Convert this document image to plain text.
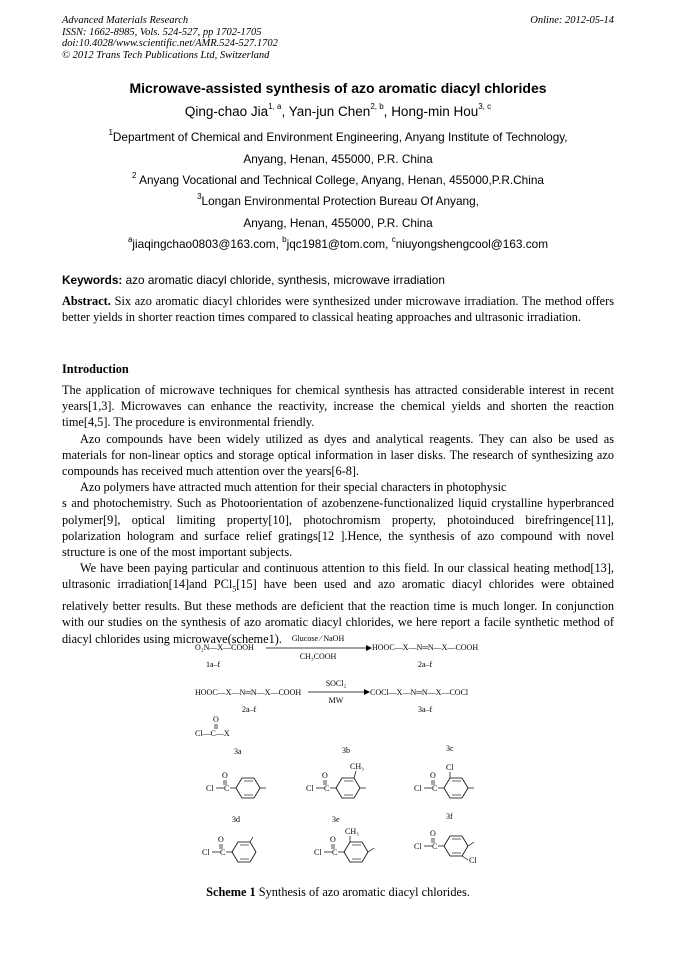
Advanced Materials Research
ISSN: 1662-8985, Vols. 524-527, pp 1702-1705
doi:10.4028/www.scientific.net/AMR.524-527.1702
© 2012 Trans Tech Publications Ltd, Switzerland
Online: 2012-05-14
Microwave-assisted synthesis of azo aromatic diacyl chlorides
Qing-chao Jia$^{1, a}$, Yan-jun Chen$^{2, b}$, Hong-min Hou$^{3, c}$
$^1$Department of Chemical and Environment Engineering, Anyang Institute of Technology,
Anyang, Henan, 455000, P.R. China
$^2$ Anyang Vocational and Technical College, Anyang, Henan, 455000,P.R.China
$^3$Longan Environmental Protection Bureau Of Anyang,
Anyang, Henan, 455000, P.R. China
$^a$jiaqingchao0803@163.com, $^b$jqc1981@tom.com, $^c$niuyongshengcool@163.com
Keywords: azo aromatic diacyl chloride, synthesis, microwave irradiation
Abstract. Six azo aromatic diacyl chlorides were synthesized under microwave irradiation. The method offers better yields in shorter reaction times compared to classical heating approaches and ultrasonic irradiation.
Introduction

The application of microwave techniques for chemical synthesis has attracted considerable interest in recent years[1,3]. Microwaves can enhance the reactivity, increase the chemical yields and shorten the reaction time[4,5]. The procedure is environmental friendly.

Azo compounds have been widely utilized as dyes and analytical reagents. They can also be used as materials for non-linear optics and storage optical information in laser disks. The research of synthesizing azo compounds has received much attention over the years[6-8].

Azo polymers have attracted much attention for their special characters in photophysic

s and photochemistry. Such as Photoorientation of azobenzene-functionalized liquid crystalline hyperbranced polymer[9], optical limiting property[10], photochromism property, photoinduced birefringence[11], polarization hologram and surface relief gratings[12 ].Hence, the synthesis of azo compound with novel structure is one of the most important subjects.

We have been paying particular and continuous attention to this field. In our classical heating method[13], ultrasonic irradiation[14]and PCl$_5$[15] have been used and azo aromatic diacyl chlorides were obtained relatively better results. But these methods are deficient that the reaction time is much longer. In conjunction with our studies on the synthesis of azo aromatic diacyl chlorides, we here report a facile synthetic method of diacyl chlorides using microwave(scheme1).

O₂N—X—COOH
Glucose ⁄ NaOH
CH₃COOH
HOOC—X—N═N—X—COOH
1a–f	2a–f
HOOC—X—N═N—X—COOH
SOCl₂
MW
COCl—X—N═N—X—COCl
2a–f	3a–f
O
Cl—C—X
3a	3b	3c
Cl C
O
Cl C
O
CH₃
Cl C
O
Cl
3d	3e	3f
Cl C
O
Cl C
O
CH₃
Cl C
O
Cl
Scheme 1 Synthesis of azo aromatic diacyl chlorides.
